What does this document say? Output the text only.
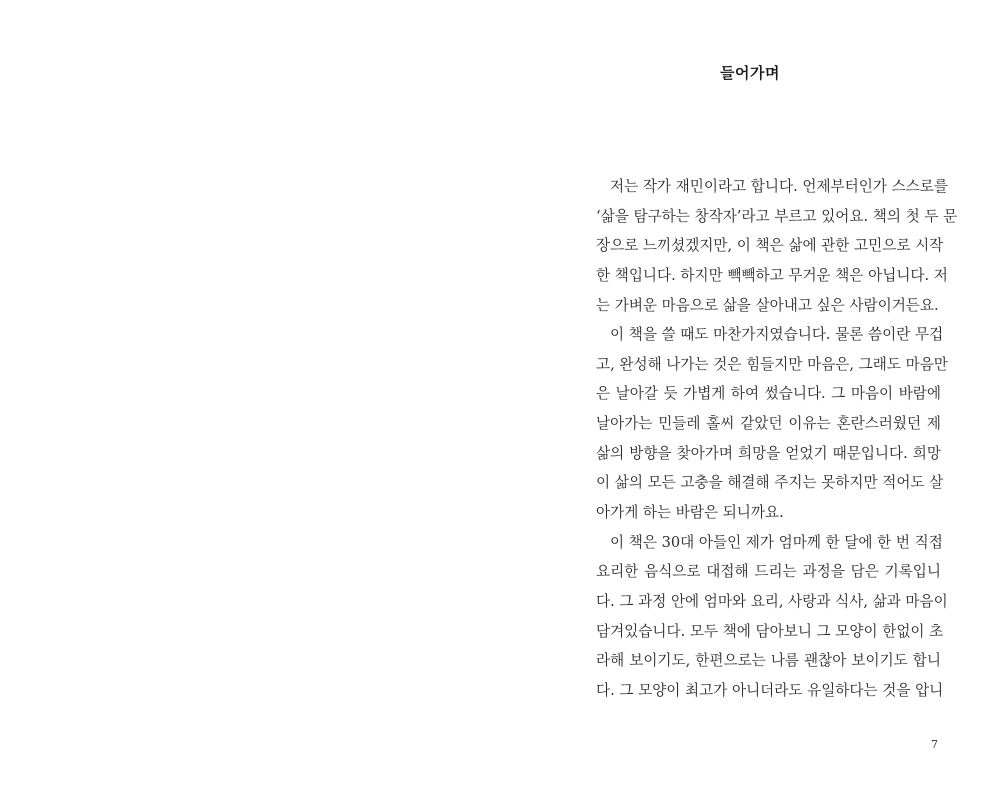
들어가며
저는 작가 재민이라고 합니다. 언제부터인가 스스로를
‘삶을 탐구하는 창작자’라고 부르고 있어요. 책의 첫 두 문
장으로 느끼셨겠지만, 이 책은 삶에 관한 고민으로 시작
한 책입니다. 하지만 빽빽하고 무거운 책은 아닙니다. 저
는 가벼운 마음으로 삶을 살아내고 싶은 사람이거든요.
이 책을 쓸 때도 마찬가지였습니다. 물론 씀이란 무겁
고, 완성해 나가는 것은 힘들지만 마음은, 그래도 마음만
은 날아갈 듯 가볍게 하여 썼습니다. 그 마음이 바람에
날아가는 민들레 홀씨 같았던 이유는 혼란스러웠던 제
삶의 방향을 찾아가며 희망을 얻었기 때문입니다. 희망
이 삶의 모든 고충을 해결해 주지는 못하지만 적어도 살
아가게 하는 바람은 되니까요.
이 책은 30대 아들인 제가 엄마께 한 달에 한 번 직접
요리한 음식으로 대접해 드리는 과정을 담은 기록입니
다. 그 과정 안에 엄마와 요리, 사랑과 식사, 삶과 마음이
담겨있습니다. 모두 책에 담아보니 그 모양이 한없이 초
라해 보이기도, 한편으로는 나름 괜찮아 보이기도 합니
다. 그 모양이 최고가 아니더라도 유일하다는 것을 압니
7
